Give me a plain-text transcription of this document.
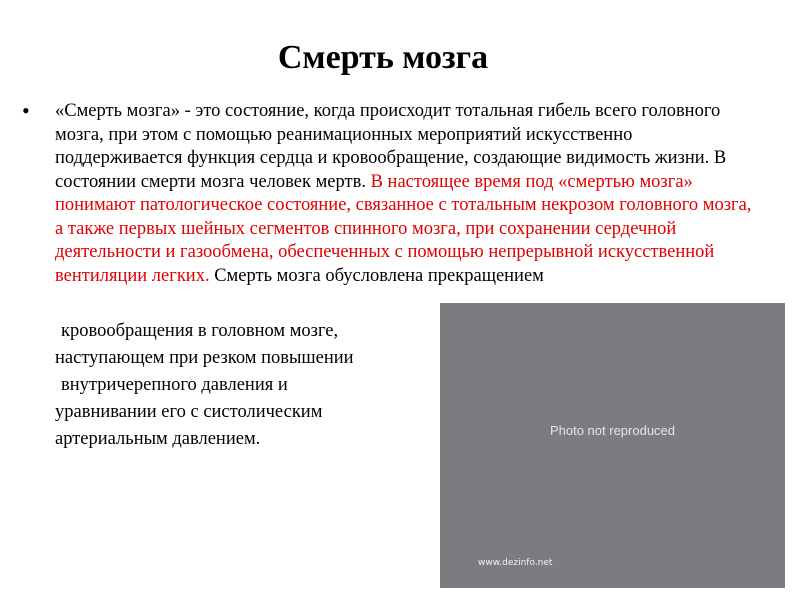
Смерть мозга
• «Смерть мозга» - это состояние, когда происходит тотальная гибель всего головного мозга, при этом с помощью реанимационных мероприятий искусственно поддерживается функция сердца и кровообращение, создающие видимость жизни. В состоянии смерти мозга человек мертв. В настоящее время под «смертью мозга» понимают патологическое состояние, связанное с тотальным некрозом головного мозга, а также первых шейных сегментов спинного мозга, при сохранении сердечной деятельности и газообмена, обеспеченных с помощью непрерывной искусственной вентиляции легких. Смерть мозга обусловлена прекращением
кровообращения в головном мозге,
наступающем при резком повышении
внутричерепного давления и
уравнивании его с систолическим
артериальным давлением.	Photo not reproduced
www.dezinfo.net
